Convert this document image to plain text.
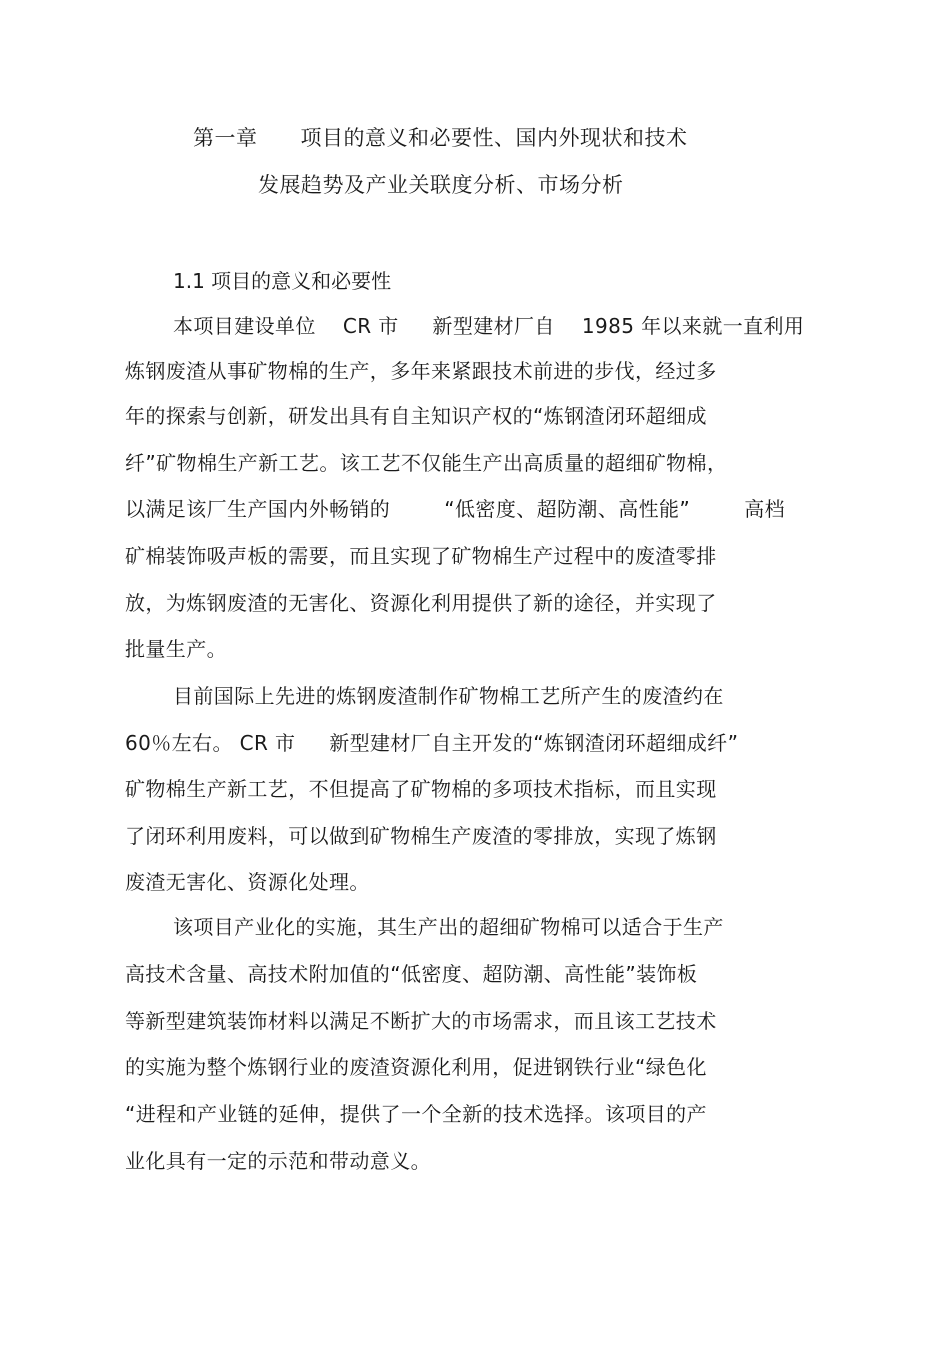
第一章      项目的意义和必要性、国内外现状和技术
发展趋势及产业关联度分析、市场分析
1.1 项目的意义和必要性
本项目建设单位    CR 市     新型建材厂自    1985 年以来就一直利用
炼钢废渣从事矿物棉的生产，多年来紧跟技术前进的步伐，经过多
年的探索与创新，研发出具有自主知识产权的“炼钢渣闭环超细成
纤”矿物棉生产新工艺。该工艺不仅能生产出高质量的超细矿物棉，
以满足该厂生产国内外畅销的        “低密度、超防潮、高性能”        高档
矿棉装饰吸声板的需要，而且实现了矿物棉生产过程中的废渣零排
放，为炼钢废渣的无害化、资源化利用提供了新的途径，并实现了
批量生产。
目前国际上先进的炼钢废渣制作矿物棉工艺所产生的废渣约在
60％左右。 CR 市     新型建材厂自主开发的“炼钢渣闭环超细成纤”
矿物棉生产新工艺，不但提高了矿物棉的多项技术指标，而且实现
了闭环利用废料，可以做到矿物棉生产废渣的零排放，实现了炼钢
废渣无害化、资源化处理。
该项目产业化的实施，其生产出的超细矿物棉可以适合于生产
高技术含量、高技术附加值的“低密度、超防潮、高性能”装饰板
等新型建筑装饰材料以满足不断扩大的市场需求，而且该工艺技术
的实施为整个炼钢行业的废渣资源化利用，促进钢铁行业“绿色化
“进程和产业链的延伸，提供了一个全新的技术选择。该项目的产
业化具有一定的示范和带动意义。
